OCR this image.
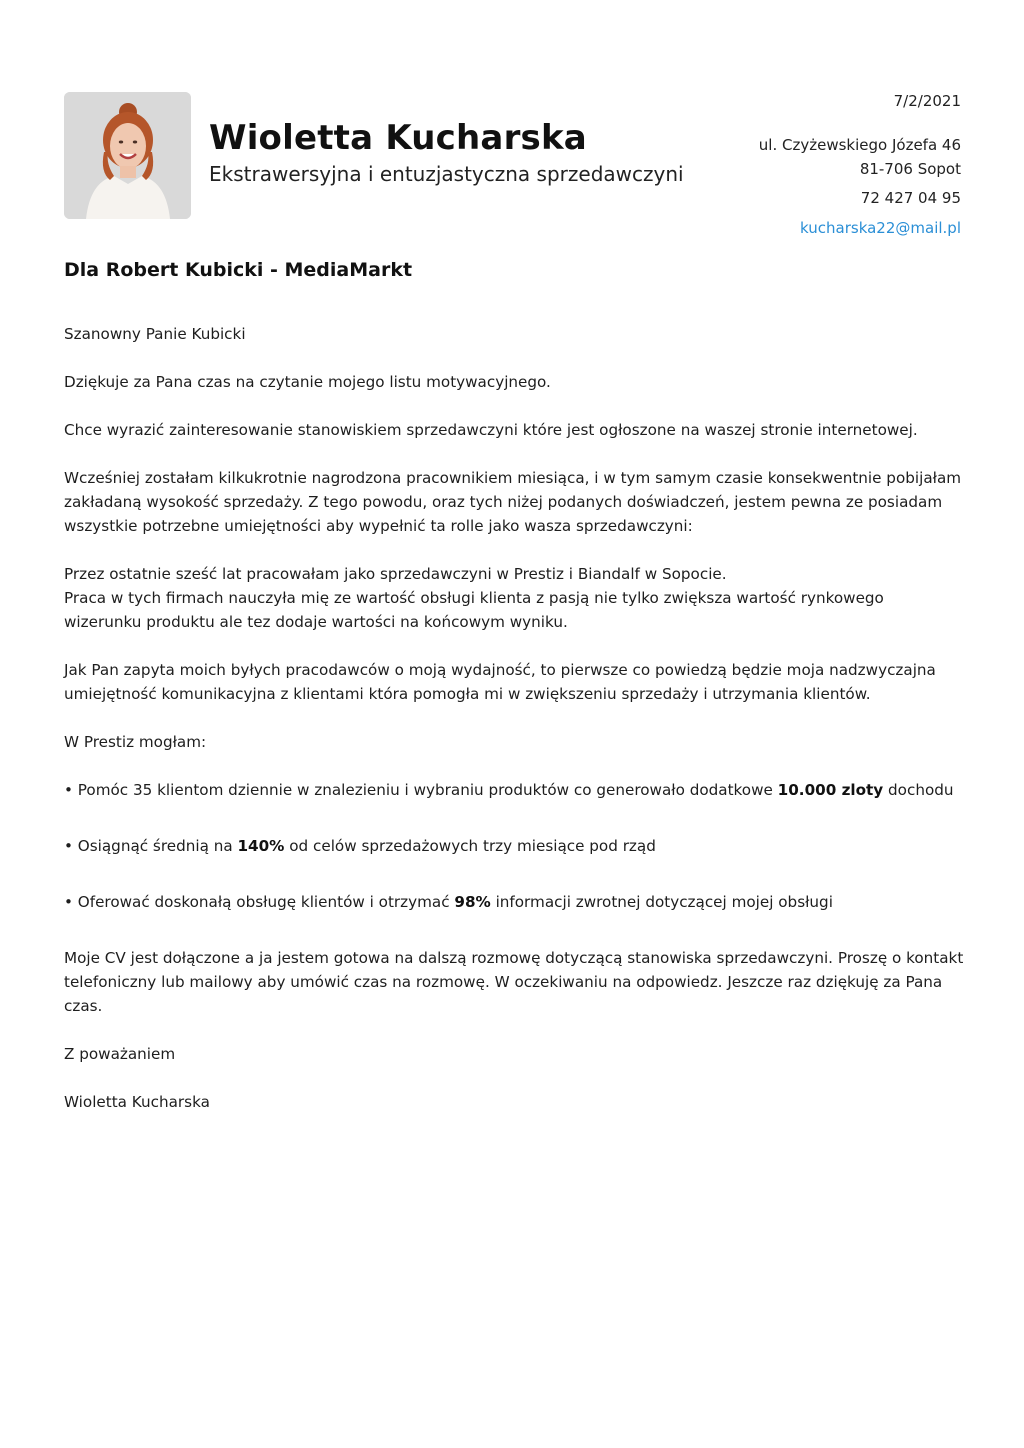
Wioletta Kucharska
Ekstrawersyjna i entuzjastyczna sprzedawczyni
7/2/2021
ul. Czyżewskiego Józefa 46
81-706 Sopot
72 427 04 95
kucharska22@mail.pl
Dla Robert Kubicki - MediaMarkt

Szanowny Panie Kubicki

Dziękuje za Pana czas na czytanie mojego listu motywacyjnego.

Chce wyrazić zainteresowanie stanowiskiem sprzedawczyni które jest ogłoszone na waszej stronie internetowej.

Wcześniej zostałam kilkukrotnie nagrodzona pracownikiem miesiąca, i w tym samym czasie konsekwentnie pobijałam zakładaną wysokość sprzedaży. Z tego powodu, oraz tych niżej podanych doświadczeń, jestem pewna ze posiadam wszystkie potrzebne umiejętności aby wypełnić ta rolle jako wasza sprzedawczyni:

Przez ostatnie sześć lat pracowałam jako sprzedawczyni w Prestiz i Biandalf w Sopocie.

Praca w tych firmach nauczyła mię ze wartość obsługi klienta z pasją nie tylko zwiększa wartość rynkowego wizerunku produktu ale tez dodaje wartości na końcowym wyniku.

Jak Pan zapyta moich byłych pracodawców o moją wydajność, to pierwsze co powiedzą będzie moja nadzwyczajna umiejętność komunikacyjna z klientami która pomogła mi w zwiększeniu sprzedaży i utrzymania klientów.

W Prestiz mogłam:

• Pomóc 35 klientom dziennie w znalezieniu i wybraniu produktów co generowało dodatkowe 10.000 zloty dochodu

• Osiągnąć średnią na 140% od celów sprzedażowych trzy miesiące pod rząd

• Oferować doskonałą obsługę klientów i otrzymać 98% informacji zwrotnej dotyczącej mojej obsługi

Moje CV jest dołączone a ja jestem gotowa na dalszą rozmowę dotyczącą stanowiska sprzedawczyni. Proszę o kontakt telefoniczny lub mailowy aby umówić czas na rozmowę. W oczekiwaniu na odpowiedz. Jeszcze raz dziękuję za Pana czas.

Z poważaniem

Wioletta Kucharska
